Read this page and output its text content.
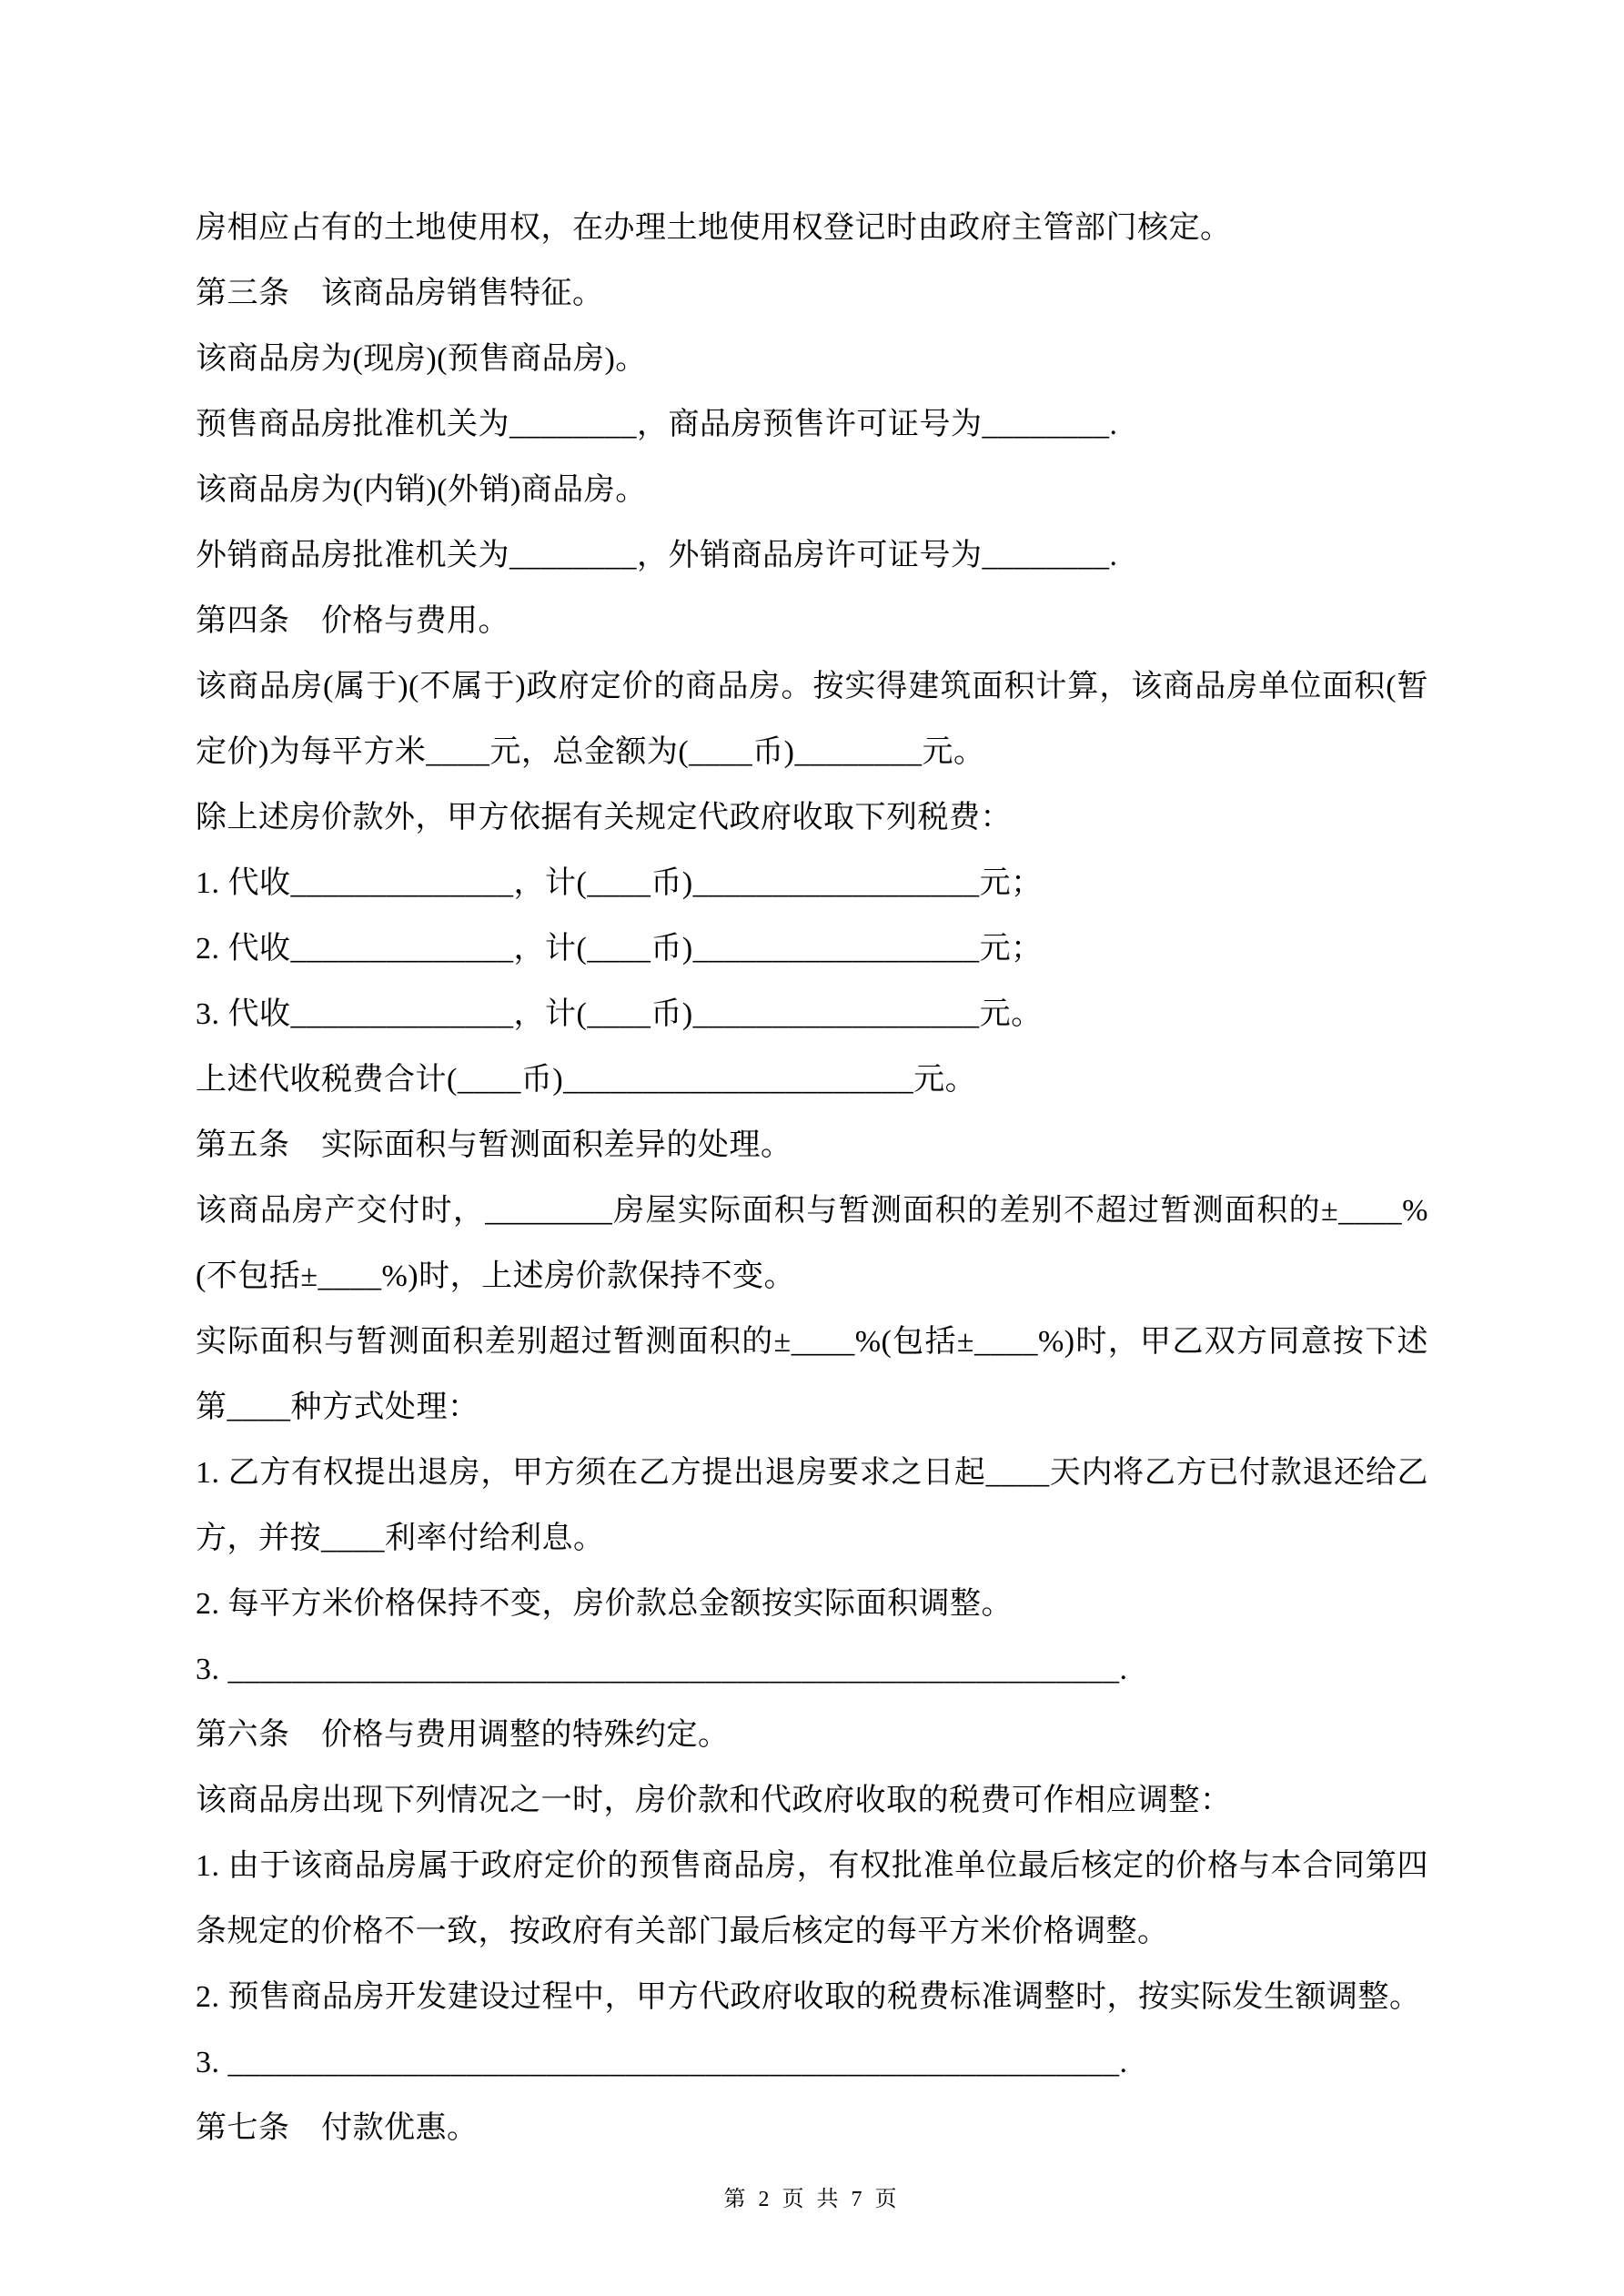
房相应占有的土地使用权，在办理土地使用权登记时由政府主管部门核定。

第三条　该商品房销售特征。

该商品房为(现房)(预售商品房)。

预售商品房批准机关为________，商品房预售许可证号为________.

该商品房为(内销)(外销)商品房。

外销商品房批准机关为________，外销商品房许可证号为________.

第四条　价格与费用。

该商品房(属于)(不属于)政府定价的商品房。按实得建筑面积计算，该商品房单位面积(暂定价)为每平方米____元，总金额为(____币)________元。

除上述房价款外，甲方依据有关规定代政府收取下列税费：

1. 代收______________，计(____币)__________________元；

2. 代收______________，计(____币)__________________元；

3. 代收______________，计(____币)__________________元。

上述代收税费合计(____币)______________________元。

第五条　实际面积与暂测面积差异的处理。

该商品房产交付时，________房屋实际面积与暂测面积的差别不超过暂测面积的±____%(不包括±____%)时，上述房价款保持不变。

实际面积与暂测面积差别超过暂测面积的±____%(包括±____%)时，甲乙双方同意按下述第____种方式处理：

1. 乙方有权提出退房，甲方须在乙方提出退房要求之日起____天内将乙方已付款退还给乙方，并按____利率付给利息。

2. 每平方米价格保持不变，房价款总金额按实际面积调整。

3. ________________________________________________________.

第六条　价格与费用调整的特殊约定。

该商品房出现下列情况之一时，房价款和代政府收取的税费可作相应调整：

1. 由于该商品房属于政府定价的预售商品房，有权批准单位最后核定的价格与本合同第四条规定的价格不一致，按政府有关部门最后核定的每平方米价格调整。

2. 预售商品房开发建设过程中，甲方代政府收取的税费标准调整时，按实际发生额调整。

3. ________________________________________________________.

第七条　付款优惠。

第 2 页 共 7 页
